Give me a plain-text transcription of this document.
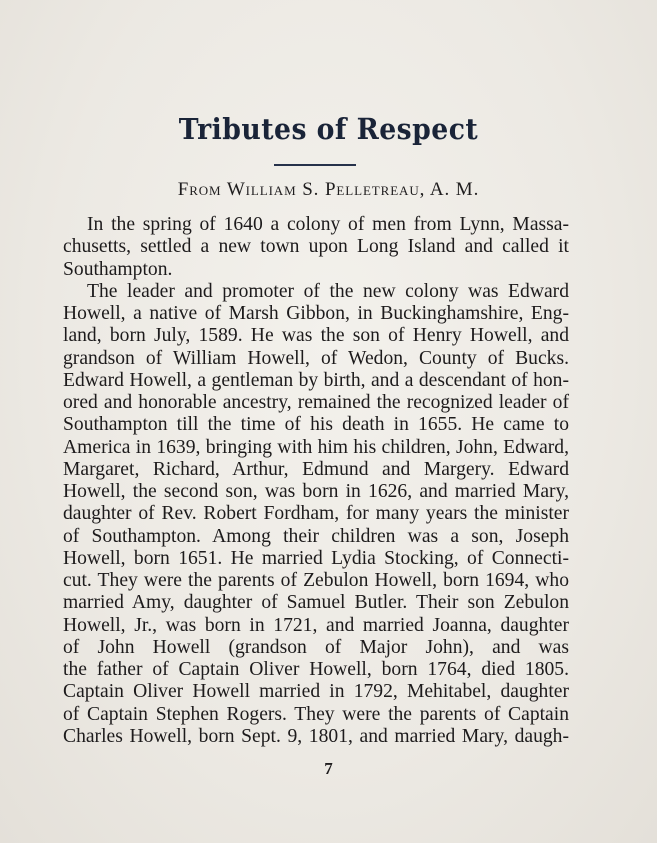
Tributes of Respect
From William S. Pelletreau, A. M.
In the spring of 1640 a colony of men from Lynn, Massa-
chusetts, settled a new town upon Long Island and called it
Southampton.
The leader and promoter of the new colony was Edward
Howell, a native of Marsh Gibbon, in Buckinghamshire, Eng-
land, born July, 1589. He was the son of Henry Howell, and
grandson of William Howell, of Wedon, County of Bucks.
Edward Howell, a gentleman by birth, and a descendant of hon-
ored and honorable ancestry, remained the recognized leader of
Southampton till the time of his death in 1655. He came to
America in 1639, bringing with him his children, John, Edward,
Margaret, Richard, Arthur, Edmund and Margery. Edward
Howell, the second son, was born in 1626, and married Mary,
daughter of Rev. Robert Fordham, for many years the minister
of Southampton. Among their children was a son, Joseph
Howell, born 1651. He married Lydia Stocking, of Connecti-
cut. They were the parents of Zebulon Howell, born 1694, who
married Amy, daughter of Samuel Butler. Their son Zebulon
Howell, Jr., was born in 1721, and married Joanna, daughter
of John Howell (grandson of Major John), and was
the father of Captain Oliver Howell, born 1764, died 1805.
Captain Oliver Howell married in 1792, Mehitabel, daughter
of Captain Stephen Rogers. They were the parents of Captain
Charles Howell, born Sept. 9, 1801, and married Mary, daugh-
7
